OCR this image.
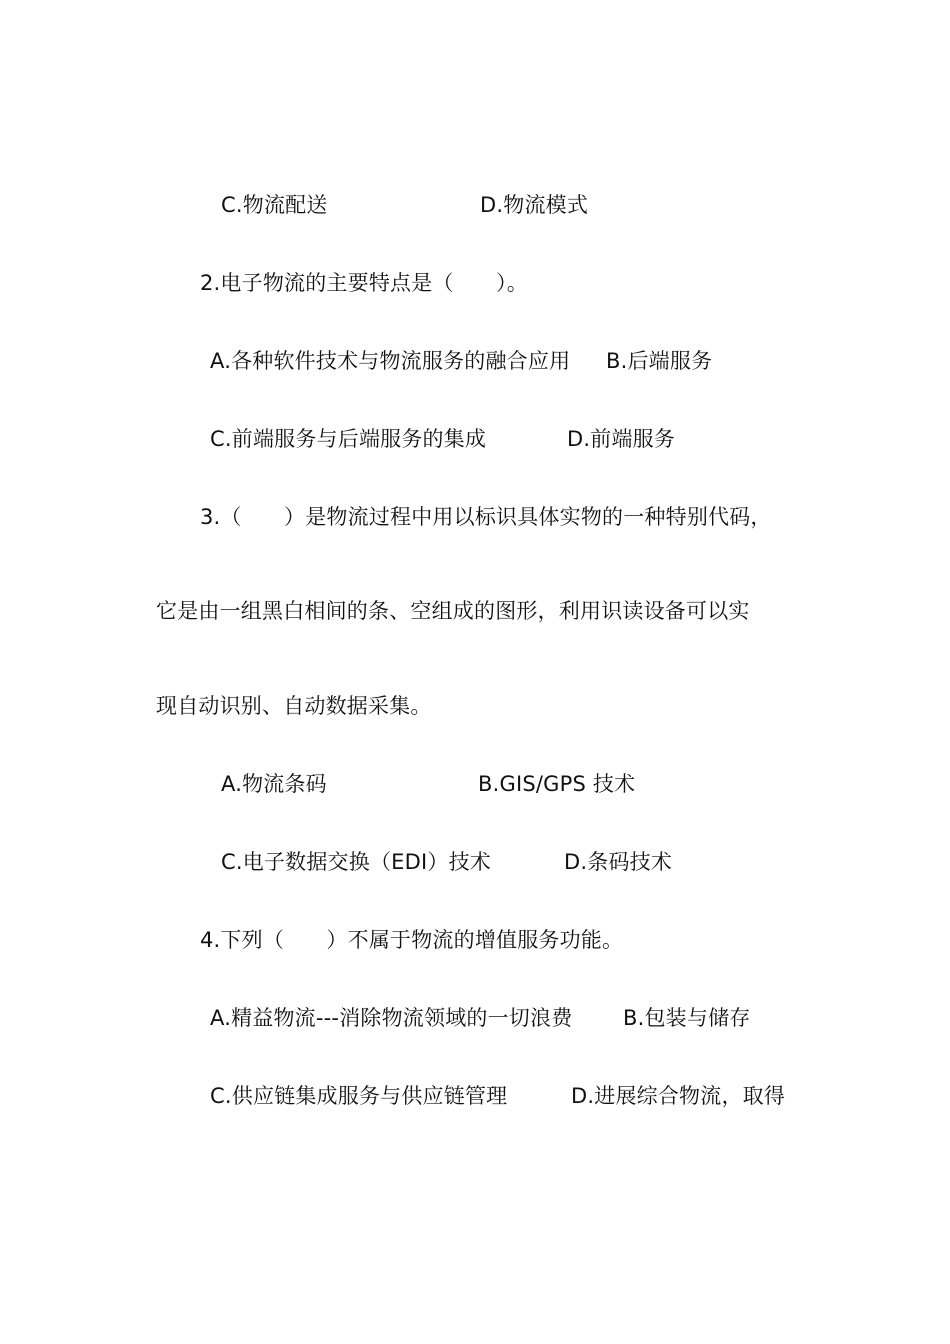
C.物流配送	D.物流模式
2.电子物流的主要特点是（　　）。
A.各种软件技术与物流服务的融合应用 B.后端服务
C.前端服务与后端服务的集成	D.前端服务
3.（　　）是物流过程中用以标识具体实物的一种特别代码，
它是由一组黑白相间的条、空组成的图形，利用识读设备可以实
现自动识别、自动数据采集。
A.物流条码	B.GIS/GPS 技术
C.电子数据交换（EDI）技术	D.条码技术
4.下列（　　）不属于物流的增值服务功能。
A.精益物流---消除物流领域的一切浪费 B.包装与储存
C.供应链集成服务与供应链管理	D.进展综合物流，取得
